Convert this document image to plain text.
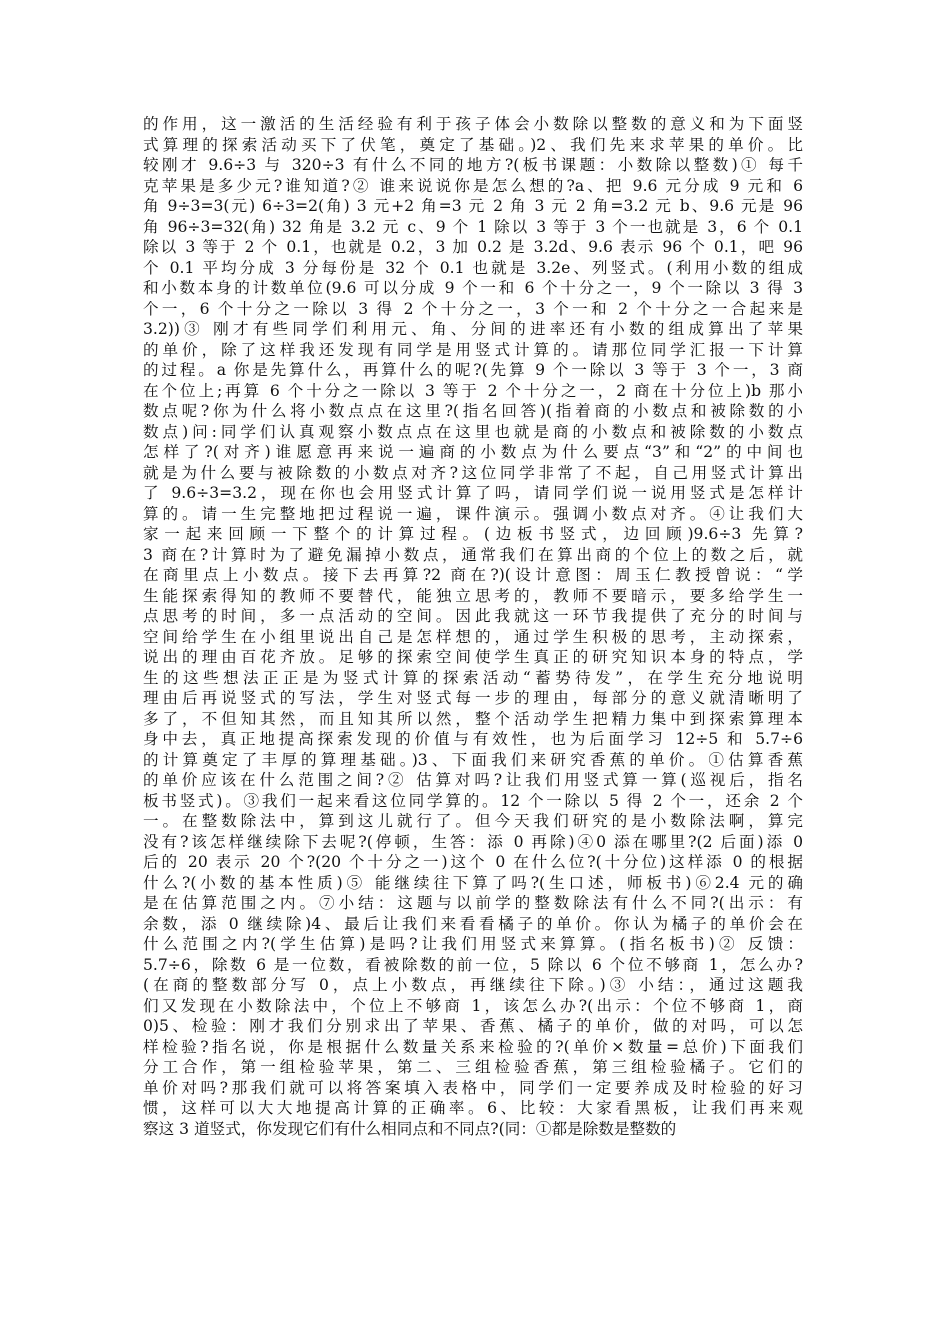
的作用，这一激活的生活经验有利于孩子体会小数除以整数的意义和为下面竖
式算理的探索活动买下了伏笔，奠定了基础。)2、我们先来求苹果的单价。比
较刚才 9.6÷3 与 320÷3 有什么不同的地方?(板书课题：小数除以整数)① 每千
克苹果是多少元?谁知道?② 谁来说说你是怎么想的?a、把 9.6 元分成 9 元和 6
角 9÷3=3(元) 6÷3=2(角) 3 元+2 角=3 元 2 角 3 元 2 角=3.2 元 b、9.6 元是 96
角 96÷3=32(角) 32 角是 3.2 元 c、9 个 1 除以 3 等于 3 个一也就是 3，6 个 0.1
除以 3 等于 2 个 0.1，也就是 0.2，3 加 0.2 是 3.2d、9.6 表示 96 个 0.1，吧 96
个 0.1 平均分成 3 分每份是 32 个 0.1 也就是 3.2e、列竖式。(利用小数的组成
和小数本身的计数单位(9.6 可以分成 9 个一和 6 个十分之一，9 个一除以 3 得 3
个一，6 个十分之一除以 3 得 2 个十分之一，3 个一和 2 个十分之一合起来是
3.2))③ 刚才有些同学们利用元、角、分间的进率还有小数的组成算出了苹果
的单价，除了这样我还发现有同学是用竖式计算的。请那位同学汇报一下计算
的过程。a 你是先算什么，再算什么的呢?(先算 9 个一除以 3 等于 3 个一，3 商
在个位上;再算 6 个十分之一除以 3 等于 2 个十分之一，2 商在十分位上)b 那小
数点呢?你为什么将小数点点在这里?(指名回答)(指着商的小数点和被除数的小
数点)问:同学们认真观察小数点点在这里也就是商的小数点和被除数的小数点
怎样了?(对齐)谁愿意再来说一遍商的小数点为什么要点“3”和“2”的中间也
就是为什么要与被除数的小数点对齐?这位同学非常了不起，自己用竖式计算出
了 9.6÷3=3.2，现在你也会用竖式计算了吗，请同学们说一说用竖式是怎样计
算的。请一生完整地把过程说一遍，课件演示。强调小数点对齐。④让我们大
家一起来回顾一下整个的计算过程。(边板书竖式，边回顾)9.6÷3 先算?
3 商在?计算时为了避免漏掉小数点，通常我们在算出商的个位上的数之后，就
在商里点上小数点。接下去再算?2 商在?)(设计意图：周玉仁教授曾说：“学
生能探索得知的教师不要替代，能独立思考的，教师不要暗示，要多给学生一
点思考的时间，多一点活动的空间。因此我就这一环节我提供了充分的时间与
空间给学生在小组里说出自己是怎样想的，通过学生积极的思考，主动探索，
说出的理由百花齐放。足够的探索空间使学生真正的研究知识本身的特点，学
生的这些想法正正是为竖式计算的探索活动“蓄势待发”，在学生充分地说明
理由后再说竖式的写法，学生对竖式每一步的理由，每部分的意义就清晰明了
多了，不但知其然，而且知其所以然，整个活动学生把精力集中到探索算理本
身中去，真正地提高探索发现的价值与有效性，也为后面学习 12÷5 和 5.7÷6
的计算奠定了丰厚的算理基础。)3、下面我们来研究香蕉的单价。①估算香蕉
的单价应该在什么范围之间?② 估算对吗?让我们用竖式算一算(巡视后，指名
板书竖式)。③我们一起来看这位同学算的。12 个一除以 5 得 2 个一，还余 2 个
一。在整数除法中，算到这儿就行了。但今天我们研究的是小数除法啊，算完
没有?该怎样继续除下去呢?(停顿，生答：添 0 再除)④0 添在哪里?(2 后面)添 0
后的 20 表示 20 个?(20 个十分之一)这个 0 在什么位?(十分位)这样添 0 的根据
什么?(小数的基本性质)⑤ 能继续往下算了吗?(生口述，师板书)⑥2.4 元的确
是在估算范围之内。⑦小结：这题与以前学的整数除法有什么不同?(出示：有
余数，添 0 继续除)4、最后让我们来看看橘子的单价。你认为橘子的单价会在
什么范围之内?(学生估算)是吗?让我们用竖式来算算。(指名板书)② 反馈：
5.7÷6，除数 6 是一位数，看被除数的前一位，5 除以 6 个位不够商 1，怎么办?
(在商的整数部分写 0，点上小数点，再继续往下除。)③ 小结：，通过这题我
们又发现在小数除法中，个位上不够商 1，该怎么办?(出示：个位不够商 1，商
0)5、检验：刚才我们分别求出了苹果、香蕉、橘子的单价，做的对吗，可以怎
样检验?指名说，你是根据什么数量关系来检验的?(单价×数量=总价)下面我们
分工合作，第一组检验苹果，第二、三组检验香蕉，第三组检验橘子。它们的
单价对吗?那我们就可以将答案填入表格中，同学们一定要养成及时检验的好习
惯，这样可以大大地提高计算的正确率。6、比较：大家看黑板，让我们再来观
察这 3 道竖式，你发现它们有什么相同点和不同点?(同：①都是除数是整数的
